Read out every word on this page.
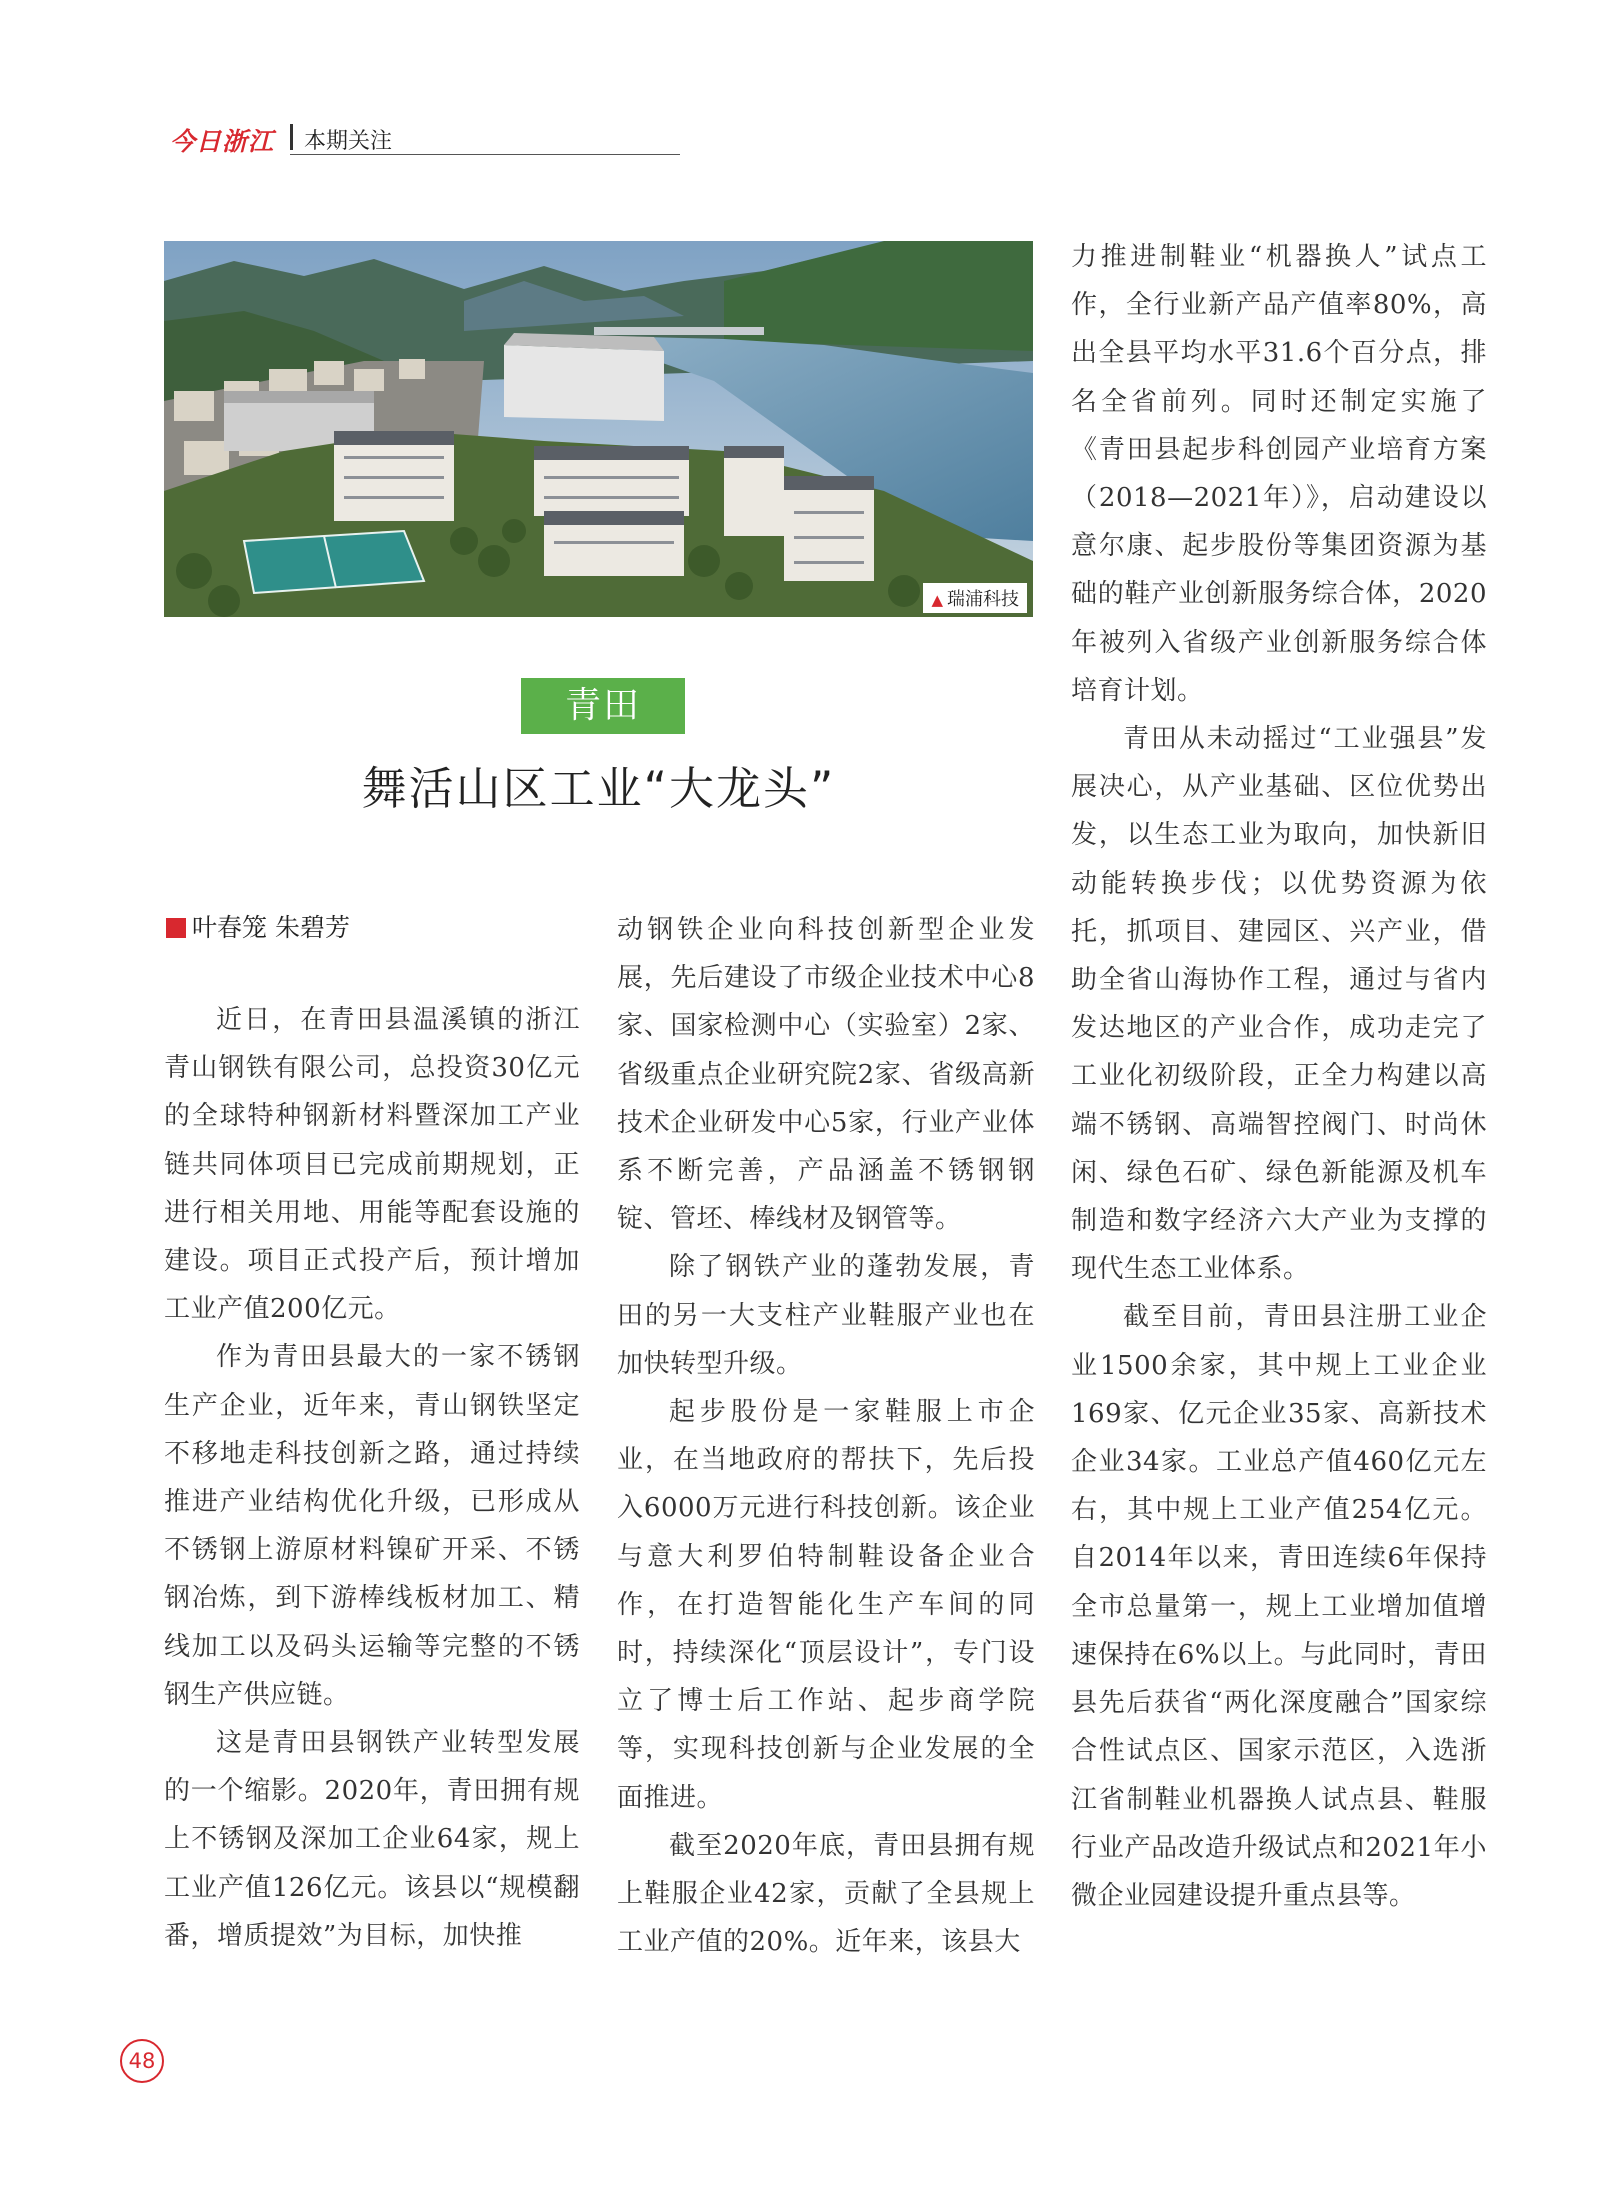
今日浙江 本期关注
▲ 瑞浦科技
青田
舞活山区工业“大龙头”
叶春笼 朱碧芳

近日，在青田县温溪镇的浙江青山钢铁有限公司，总投资30亿元的全球特种钢新材料暨深加工产业链共同体项目已完成前期规划，正进行相关用地、用能等配套设施的建设。项目正式投产后，预计增加工业产值200亿元。

作为青田县最大的一家不锈钢生产企业，近年来，青山钢铁坚定不移地走科技创新之路，通过持续推进产业结构优化升级，已形成从不锈钢上游原材料镍矿开采、不锈钢冶炼，到下游棒线板材加工、精线加工以及码头运输等完整的不锈钢生产供应链。

这是青田县钢铁产业转型发展的一个缩影。2020年，青田拥有规上不锈钢及深加工企业64家，规上工业产值126亿元。该县以“规模翻番，增质提效”为目标，加快推

动钢铁企业向科技创新型企业发展，先后建设了市级企业技术中心8家、国家检测中心（实验室）2家、省级重点企业研究院2家、省级高新技术企业研发中心5家，行业产业体系不断完善，产品涵盖不锈钢钢锭、管坯、棒线材及钢管等。

除了钢铁产业的蓬勃发展，青田的另一大支柱产业鞋服产业也在加快转型升级。

起步股份是一家鞋服上市企业，在当地政府的帮扶下，先后投入6000万元进行科技创新。该企业与意大利罗伯特制鞋设备企业合作，在打造智能化生产车间的同时，持续深化“顶层设计”，专门设立了博士后工作站、起步商学院等，实现科技创新与企业发展的全面推进。

截至2020年底，青田县拥有规上鞋服企业42家，贡献了全县规上工业产值的20%。近年来，该县大

力推进制鞋业“机器换人”试点工作，全行业新产品产值率80%，高出全县平均水平31.6个百分点，排名全省前列。同时还制定实施了《青田县起步科创园产业培育方案（2018—2021年）》，启动建设以意尔康、起步股份等集团资源为基础的鞋产业创新服务综合体，2020年被列入省级产业创新服务综合体培育计划。

青田从未动摇过“工业强县”发展决心，从产业基础、区位优势出发，以生态工业为取向，加快新旧动能转换步伐；以优势资源为依托，抓项目、建园区、兴产业，借助全省山海协作工程，通过与省内发达地区的产业合作，成功走完了工业化初级阶段，正全力构建以高端不锈钢、高端智控阀门、时尚休闲、绿色石矿、绿色新能源及机车制造和数字经济六大产业为支撑的现代生态工业体系。

截至目前，青田县注册工业企业1500余家，其中规上工业企业169家、亿元企业35家、高新技术企业34家。工业总产值460亿元左右，其中规上工业产值254亿元。自2014年以来，青田连续6年保持全市总量第一，规上工业增加值增速保持在6%以上。与此同时，青田县先后获省“两化深度融合”国家综合性试点区、国家示范区，入选浙江省制鞋业机器换人试点县、鞋服行业产品改造升级试点和2021年小微企业园建设提升重点县等。

48
